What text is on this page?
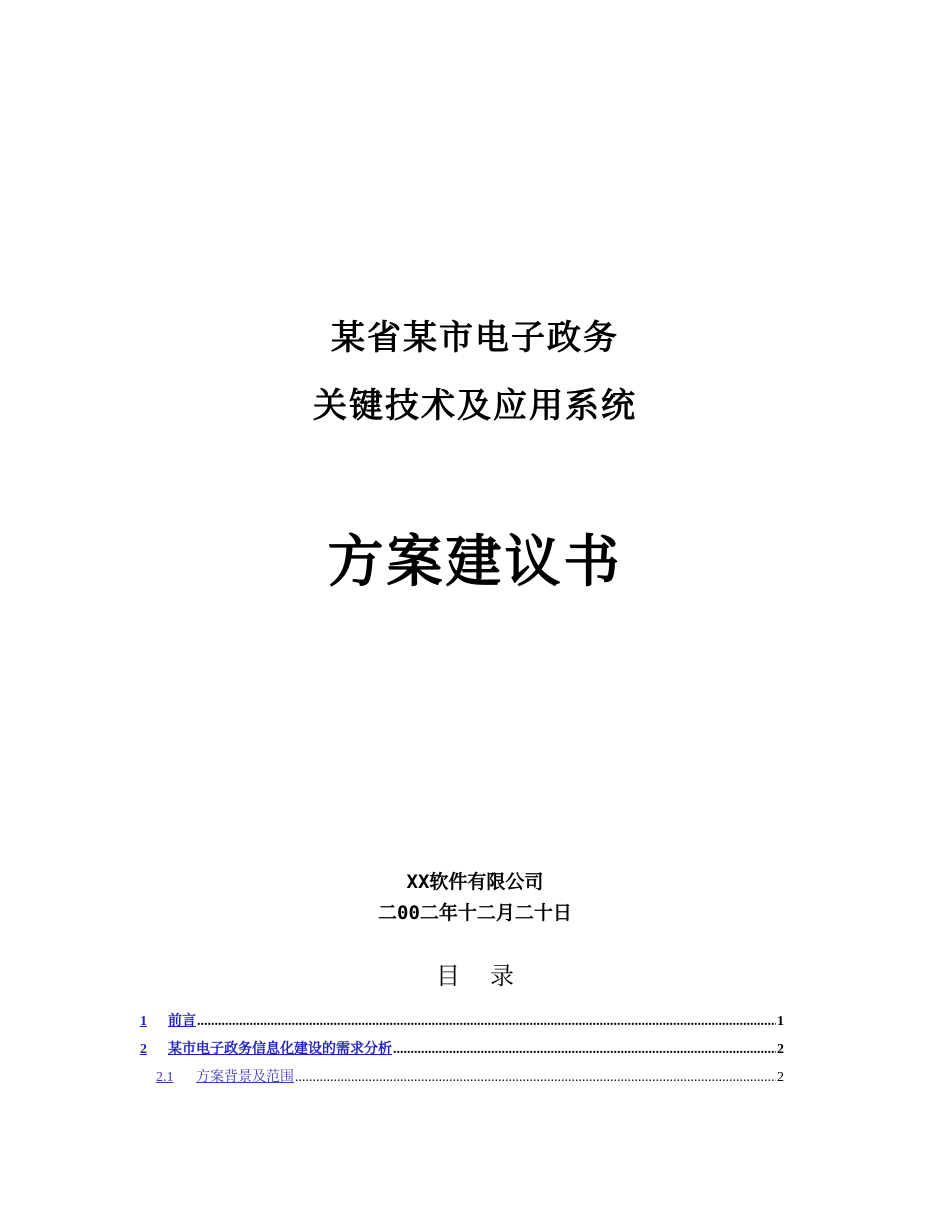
某省某市电子政务
关键技术及应用系统
方案建议书
XX软件有限公司
二00二年十二月二十日
目录
1	前言 .....	1
2	某市电子政务信息化建设的需求分析 .....	2
2.1	方案背景及范围 .....	2
